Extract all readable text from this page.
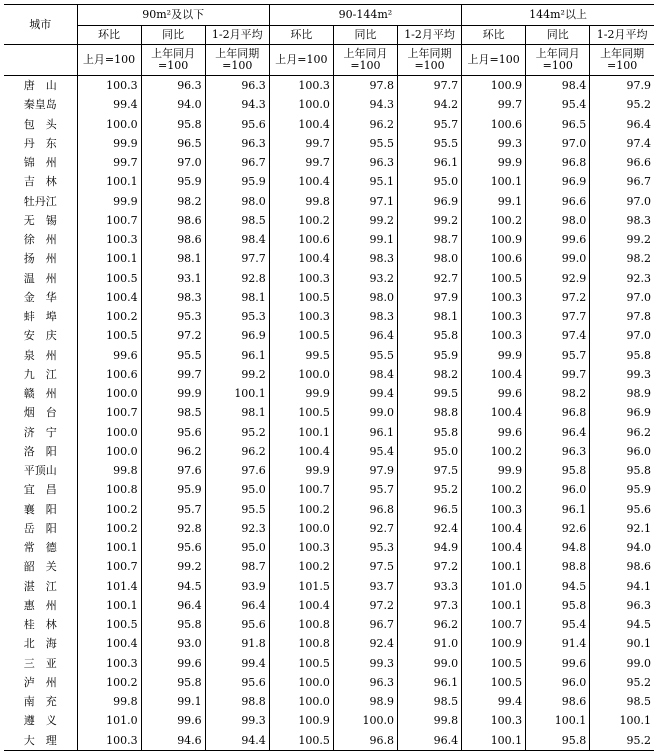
城市	90m²及以下			90-144m²			144m²以上		
	环比	同比	1-2月平均	环比	同比	1-2月平均	环比	同比	1-2月平均
	上月=100	上年同月=100	上年同期=100	上月=100	上年同月=100	上年同期=100	上月=100	上年同月=100	上年同期=100
唐　山	100.3	96.3	96.3	100.3	97.8	97.7	100.9	98.4	97.9
秦皇岛	99.4	94.0	94.3	100.0	94.3	94.2	99.7	95.4	95.2
包　头	100.0	95.8	95.6	100.4	96.2	95.7	100.6	96.5	96.4
丹　东	99.9	96.5	96.3	99.7	95.5	95.5	99.3	97.0	97.4
锦　州	99.7	97.0	96.7	99.7	96.3	96.1	99.9	96.8	96.6
吉　林	100.1	95.9	95.9	100.4	95.1	95.0	100.1	96.9	96.7
牡丹江	99.9	98.2	98.0	99.8	97.1	96.9	99.1	96.6	97.0
无　锡	100.7	98.6	98.5	100.2	99.2	99.2	100.2	98.0	98.3
徐　州	100.3	98.6	98.4	100.6	99.1	98.7	100.9	99.6	99.2
扬　州	100.1	98.1	97.7	100.4	98.3	98.0	100.6	99.0	98.2
温　州	100.5	93.1	92.8	100.3	93.2	92.7	100.5	92.9	92.3
金　华	100.4	98.3	98.1	100.5	98.0	97.9	100.3	97.2	97.0
蚌　埠	100.2	95.3	95.3	100.3	98.3	98.1	100.3	97.7	97.8
安　庆	100.5	97.2	96.9	100.5	96.4	95.8	100.3	97.4	97.0
泉　州	99.6	95.5	96.1	99.5	95.5	95.9	99.9	95.7	95.8
九　江	100.6	99.7	99.2	100.0	98.4	98.2	100.4	99.7	99.3
赣　州	100.0	99.9	100.1	99.9	99.4	99.5	99.6	98.2	98.9
烟　台	100.7	98.5	98.1	100.5	99.0	98.8	100.4	96.8	96.9
济　宁	100.0	95.6	95.2	100.1	96.1	95.8	99.6	96.4	96.2
洛　阳	100.0	96.2	96.2	100.4	95.4	95.0	100.2	96.3	96.0
平顶山	99.8	97.6	97.6	99.9	97.9	97.5	99.9	95.8	95.8
宜　昌	100.8	95.9	95.0	100.7	95.7	95.2	100.2	96.0	95.9
襄　阳	100.2	95.7	95.5	100.2	96.8	96.5	100.3	96.1	95.6
岳　阳	100.2	92.8	92.3	100.0	92.7	92.4	100.4	92.6	92.1
常　德	100.1	95.6	95.0	100.3	95.3	94.9	100.4	94.8	94.0
韶　关	100.7	99.2	98.7	100.2	97.5	97.2	100.1	98.8	98.6
湛　江	101.4	94.5	93.9	101.5	93.7	93.3	101.0	94.5	94.1
惠　州	100.1	96.4	96.4	100.4	97.2	97.3	100.1	95.8	96.3
桂　林	100.5	95.8	95.6	100.8	96.7	96.2	100.7	95.4	94.5
北　海	100.4	93.0	91.8	100.8	92.4	91.0	100.9	91.4	90.1
三　亚	100.3	99.6	99.4	100.5	99.3	99.0	100.5	99.6	99.0
泸　州	100.2	95.8	95.6	100.0	96.3	96.1	100.5	96.0	95.2
南　充	99.8	99.1	98.8	100.0	98.9	98.5	99.4	98.6	98.5
遵　义	101.0	99.6	99.3	100.9	100.0	99.8	100.3	100.1	100.1
大　理	100.3	94.6	94.4	100.5	96.8	96.4	100.1	95.8	95.2
